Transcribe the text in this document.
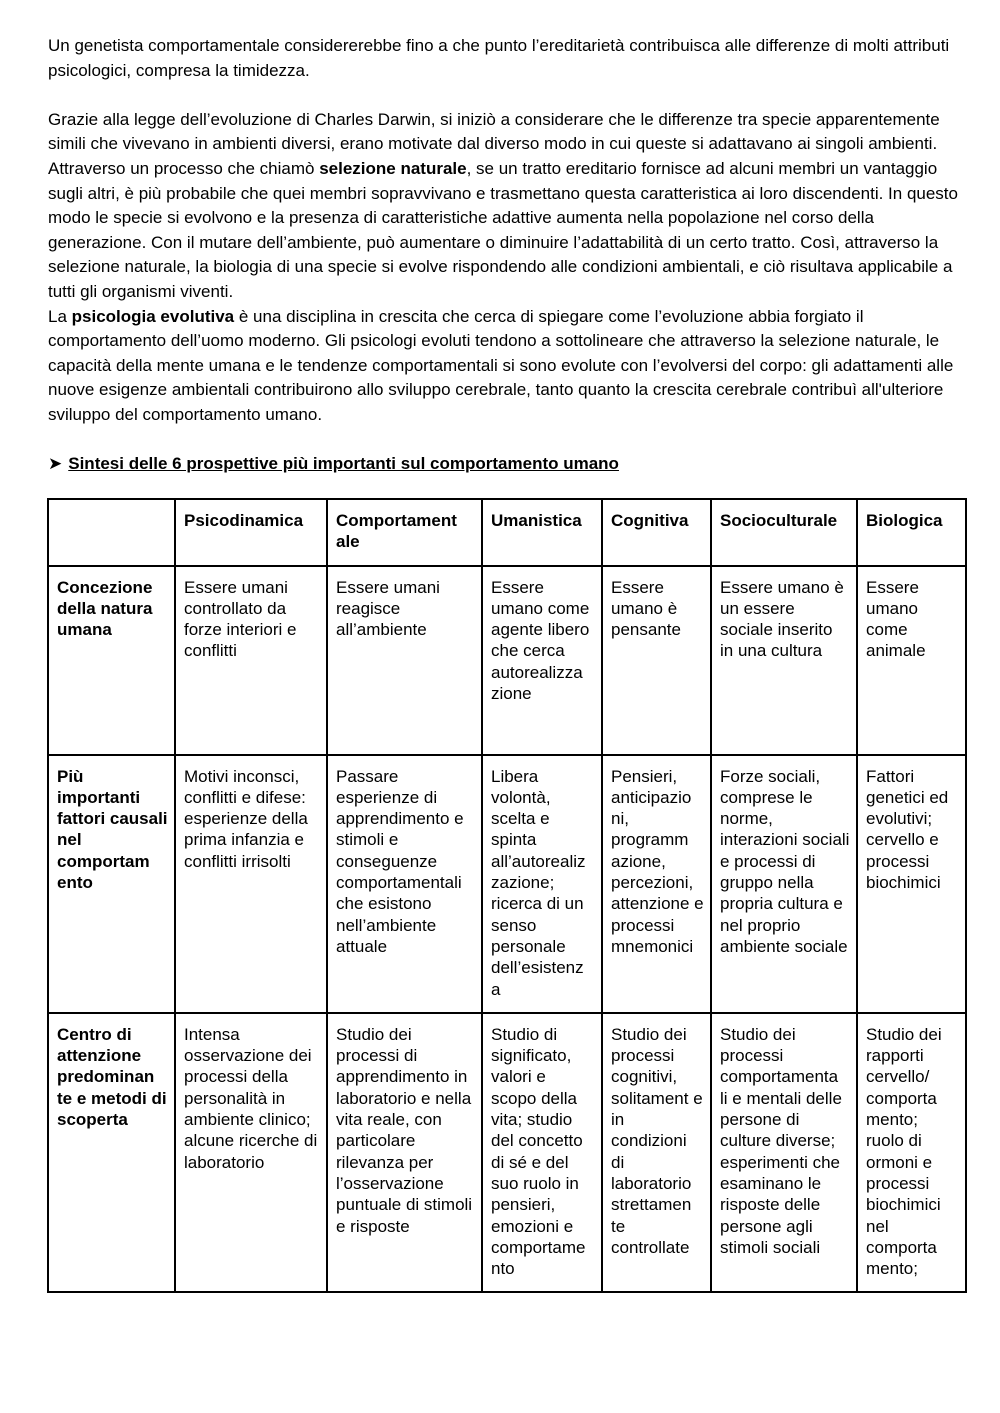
Un genetista comportamentale considererebbe fino a che punto l’ereditarietà contribuisca alle differenze di molti attributi psicologici, compresa la timidezza.

Grazie alla legge dell’evoluzione di Charles Darwin, si iniziò a considerare che le differenze tra specie apparentemente simili che vivevano in ambienti diversi, erano motivate dal diverso modo in cui queste si adattavano ai singoli ambienti. Attraverso un processo che chiamò selezione naturale, se un tratto ereditario fornisce ad alcuni membri un vantaggio sugli altri, è più probabile che quei membri sopravvivano e trasmettano questa caratteristica ai loro discendenti. In questo modo le specie si evolvono e la presenza di caratteristiche adattive aumenta nella popolazione nel corso della generazione. Con il mutare dell’ambiente, può aumentare o diminuire l’adattabilità di un certo tratto. Così, attraverso la selezione naturale, la biologia di una specie si evolve rispondendo alle condizioni ambientali, e ciò risultava applicabile a tutti gli organismi viventi.

La psicologia evolutiva è una disciplina in crescita che cerca di spiegare come l’evoluzione abbia forgiato il comportamento dell’uomo moderno. Gli psicologi evoluti tendono a sottolineare che attraverso la selezione naturale, le capacità della mente umana e le tendenze comportamentali si sono evolute con l’evolversi del corpo: gli adattamenti alle nuove esigenze ambientali contribuirono allo sviluppo cerebrale, tanto quanto la crescita cerebrale contribuì all'ulteriore sviluppo del comportamento umano.

➤ Sintesi delle 6 prospettive più importanti sul comportamento umano
	Psicodinamica	Comportament ale	Umanistica	Cognitiva	Socioculturale	Biologica
Concezione della natura umana	Essere umani controllato da forze interiori e conflitti	Essere umani reagisce all’ambiente	Essere umano come agente libero che cerca autorealizza zione	Essere umano è pensante	Essere umano è un essere sociale inserito in una cultura	Essere umano come animale
Più importanti fattori causali nel comportam ento	Motivi inconsci, conflitti e difese: esperienze della prima infanzia e conflitti irrisolti	Passare esperienze di apprendimento e stimoli e conseguenze comportamentali che esistono nell’ambiente attuale	Libera volontà, scelta e spinta all’autorealiz zazione; ricerca di un senso personale dell’esistenz a	Pensieri, anticipazio ni, programm azione, percezioni, attenzione e processi mnemonici	Forze sociali, comprese le norme, interazioni sociali e processi di gruppo nella propria cultura e nel proprio ambiente sociale	Fattori genetici ed evolutivi; cervello e processi biochimici
Centro di attenzione predominan te e metodi di scoperta	Intensa osservazione dei processi della personalità in ambiente clinico; alcune ricerche di laboratorio	Studio dei processi di apprendimento in laboratorio e nella vita reale, con particolare rilevanza per l’osservazione puntuale di stimoli e risposte	Studio di significato, valori e scopo della vita; studio del concetto di sé e del suo ruolo in pensieri, emozioni e comportame nto	Studio dei processi cognitivi, solitament e in condizioni di laboratorio strettamen te controllate	Studio dei processi comportamenta li e mentali delle persone di culture diverse; esperimenti che esaminano le risposte delle persone agli stimoli sociali	Studio dei rapporti cervello/ comporta mento; ruolo di ormoni e processi biochimici nel comporta mento;
